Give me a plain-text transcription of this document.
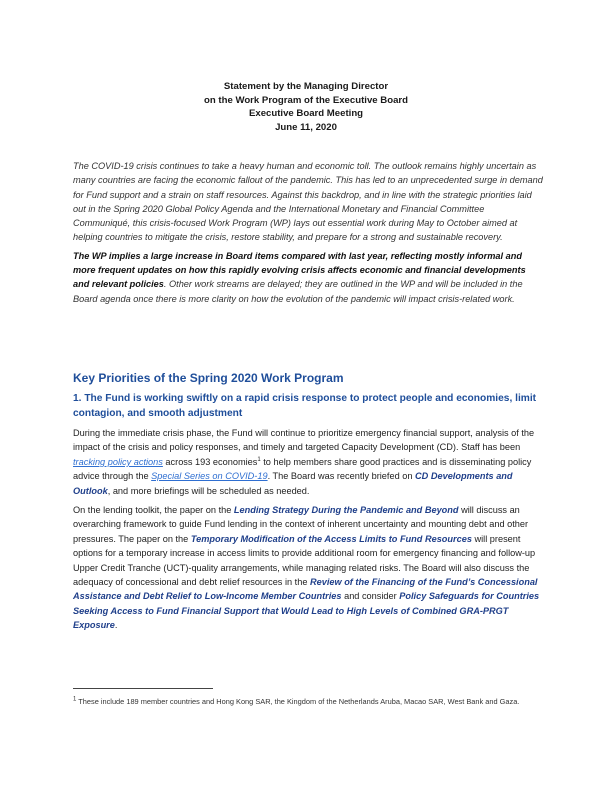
Statement by the Managing Director
on the Work Program of the Executive Board
Executive Board Meeting
June 11, 2020

The COVID-19 crisis continues to take a heavy human and economic toll. The outlook remains highly uncertain as many countries are facing the economic fallout of the pandemic. This has led to an unprecedented surge in demand for Fund support and a strain on staff resources. Against this backdrop, and in line with the strategic priorities laid out in the Spring 2020 Global Policy Agenda and the International Monetary and Financial Committee Communiqué, this crisis-focused Work Program (WP) lays out essential work during May to October aimed at helping countries to mitigate the crisis, restore stability, and prepare for a strong and sustainable recovery.

The WP implies a large increase in Board items compared with last year, reflecting mostly informal and more frequent updates on how this rapidly evolving crisis affects economic and financial developments and relevant policies. Other work streams are delayed; they are outlined in the WP and will be included in the Board agenda once there is more clarity on how the evolution of the pandemic will impact crisis-related work.

Key Priorities of the Spring 2020 Work Program
1. The Fund is working swiftly on a rapid crisis response to protect people and economies, limit contagion, and smooth adjustment

During the immediate crisis phase, the Fund will continue to prioritize emergency financial support, analysis of the impact of the crisis and policy responses, and timely and targeted Capacity Development (CD). Staff has been tracking policy actions across 193 economies$^1$ to help members share good practices and is disseminating policy advice through the Special Series on COVID-19. The Board was recently briefed on CD Developments and Outlook, and more briefings will be scheduled as needed.

On the lending toolkit, the paper on the Lending Strategy During the Pandemic and Beyond will discuss an overarching framework to guide Fund lending in the context of inherent uncertainty and mounting debt and other pressures. The paper on the Temporary Modification of the Access Limits to Fund Resources will present options for a temporary increase in access limits to provide additional room for emergency financing and follow-up Upper Credit Tranche (UCT)-quality arrangements, while managing related risks. The Board will also discuss the adequacy of concessional and debt relief resources in the Review of the Financing of the Fund’s Concessional Assistance and Debt Relief to Low-Income Member Countries and consider Policy Safeguards for Countries Seeking Access to Fund Financial Support that Would Lead to High Levels of Combined GRA-PRGT Exposure.

$^1$ These include 189 member countries and Hong Kong SAR, the Kingdom of the Netherlands Aruba, Macao SAR, West Bank and Gaza.
